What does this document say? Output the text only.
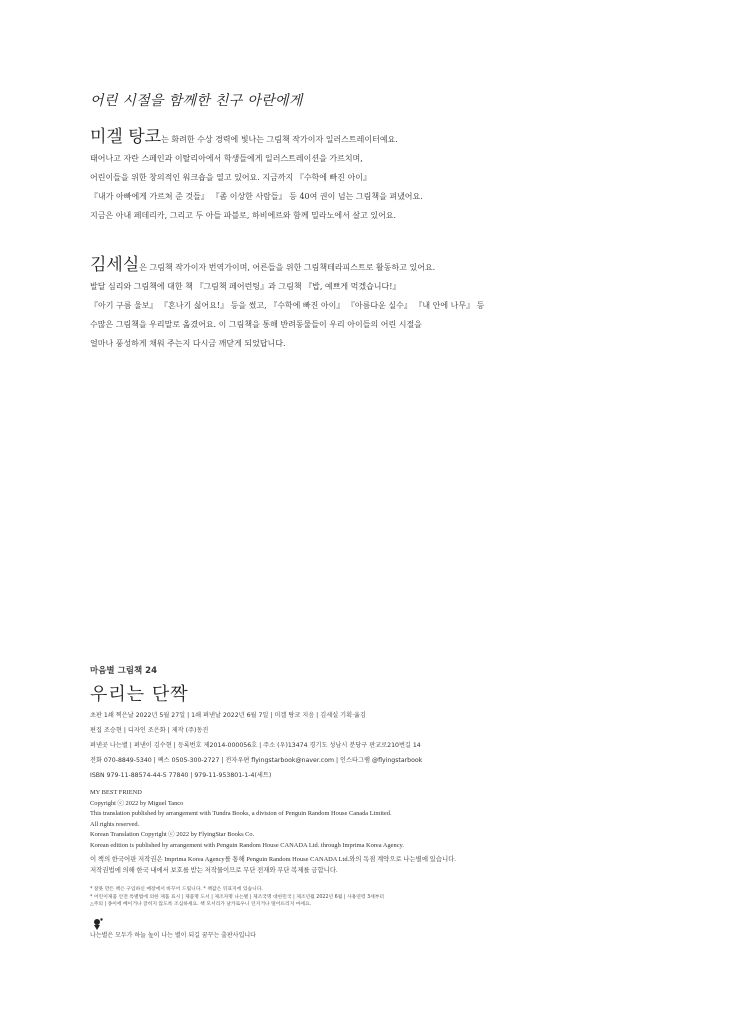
어린 시절을 함께한 친구 아란에게
미겔 탕코는 화려한 수상 경력에 빛나는 그림책 작가이자 일러스트레이터예요.
태어나고 자란 스페인과 이탈리아에서 학생들에게 일러스트레이션을 가르치며,
어린이들을 위한 창의적인 워크숍을 열고 있어요. 지금까지 『수학에 빠진 아이』
『내가 아빠에게 가르쳐 준 것들』 『좀 이상한 사람들』 등 40여 권이 넘는 그림책을 펴냈어요.
지금은 아내 페데리카, 그리고 두 아들 파블로, 하비에르와 함께 밀라노에서 살고 있어요.
김세실은 그림책 작가이자 번역가이며, 어른들을 위한 그림책테라피스트로 활동하고 있어요.
발달 심리와 그림책에 대한 책 『그림책 페어런팅』과 그림책 『밥, 예쁘게 먹겠습니다!』
『아기 구름 울보』 『혼나기 싫어요!』 등을 썼고, 『수학에 빠진 아이』 『아름다운 실수』 『내 안에 나무』 등
수많은 그림책을 우리말로 옮겼어요. 이 그림책을 통해 반려동물들이 우리 아이들의 어린 시절을
얼마나 풍성하게 채워 주는지 다시금 깨닫게 되었답니다.
마음별 그림책 24
우리는 단짝
초판 1쇄 찍은날 2022년 5월 27일 | 1쇄 펴낸날 2022년 6월 7일 | 미겔 탕코 지음 | 김세실 기획·옮김
편집 조승현 | 디자인 조은화 | 제작 (주)동진
펴낸곳 나는별 | 펴낸이 김수현 | 등록번호 제2014-000056호 | 주소 (우)13474 경기도 성남시 분당구 판교로210번길 14
전화 070-8849-5340 | 팩스 0505-300-2727 | 전자우편 flyingstarbook@naver.com | 인스타그램 @flyingstarbook
ISBN 979-11-88574-44-5 77840 | 979-11-953801-1-4(세트)
MY BEST FRIEND
Copyright ⓒ 2022 by Miguel Tanco
This translation published by arrangement with Tundra Books, a division of Penguin Random House Canada Limited.
All rights reserved.
Korean Translation Copyright ⓒ 2022 by FlyingStar Books Co.
Korean edition is published by arrangement with Penguin Random House CANADA Ltd. through Imprima Korea Agency.
이 책의 한국어판 저작권은 Imprima Korea Agency를 통해 Penguin Random House CANADA Ltd.와의 독점 계약으로 나는별에 있습니다.
저작권법에 의해 한국 내에서 보호를 받는 저작물이므로 무단 전재와 무단 복제를 금합니다.
* 잘못 만든 책은 구입하신 매장에서 바꾸어 드립니다. * 책값은 뒤표지에 있습니다.
* 어린이제품 안전 특별법에 의한 제품 표시 | 제품명 도서 | 제조자명 나는별 | 제조국명 대한민국 | 제조년월 2022년 6월 | 사용연령 3세부터
△주의 | 종이에 베이거나 긁히지 않도록 조심하세요. 책 모서리가 날카로우니 던지거나 떨어뜨리지 마세요.
나는별은 모두가 하늘 높이 나는 별이 되길 꿈꾸는 출판사입니다
